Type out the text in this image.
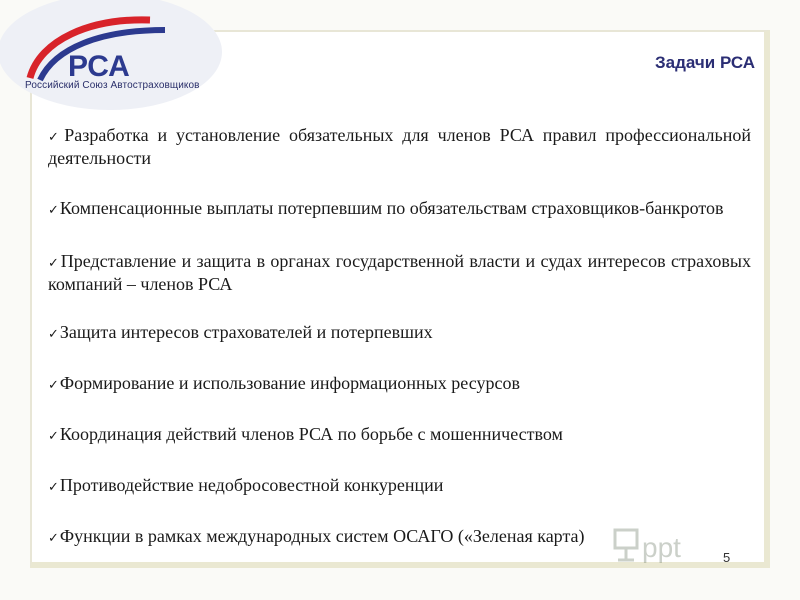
РСА
Российский Союз Автостраховщиков
Задачи РСА
✓Разработка и установление обязательных для членов РСА правил профессиональной деятельности
✓Компенсационные выплаты потерпевшим по обязательствам страховщиков-банкротов
✓Представление и защита в органах государственной власти и судах интересов страховых компаний – членов РСА
✓Защита интересов страхователей и потерпевших
✓Формирование и использование информационных ресурсов
✓Координация действий членов РСА по борьбе с мошенничеством
✓Противодействие недобросовестной конкуренции
✓Функции в рамках международных систем ОСАГО («Зеленая карта)	ppt	5
